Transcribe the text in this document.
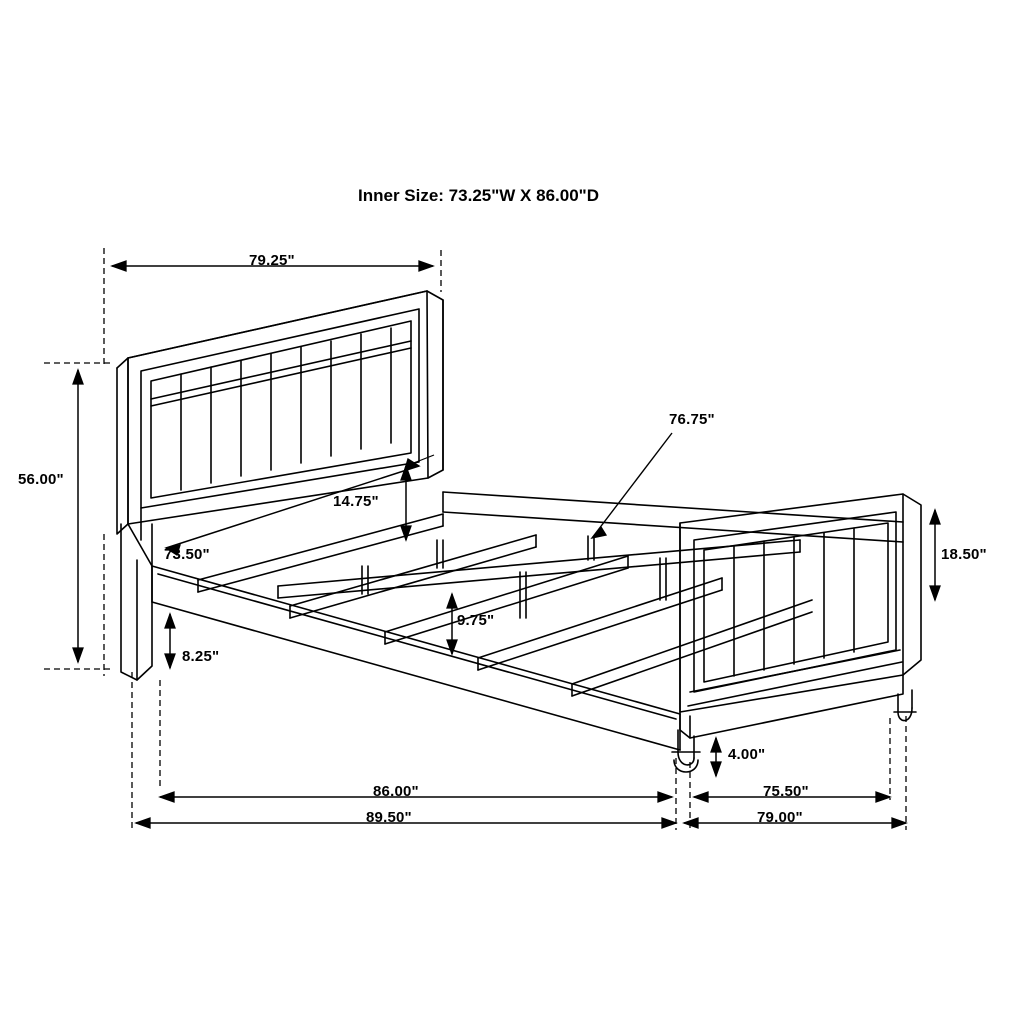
Inner Size: 73.25"W X 86.00"D
79.25"
56.00"
73.50"
14.75"
76.75"
18.50"
9.75"
8.25"
4.00"
86.00"
89.50"
75.50"
79.00"
